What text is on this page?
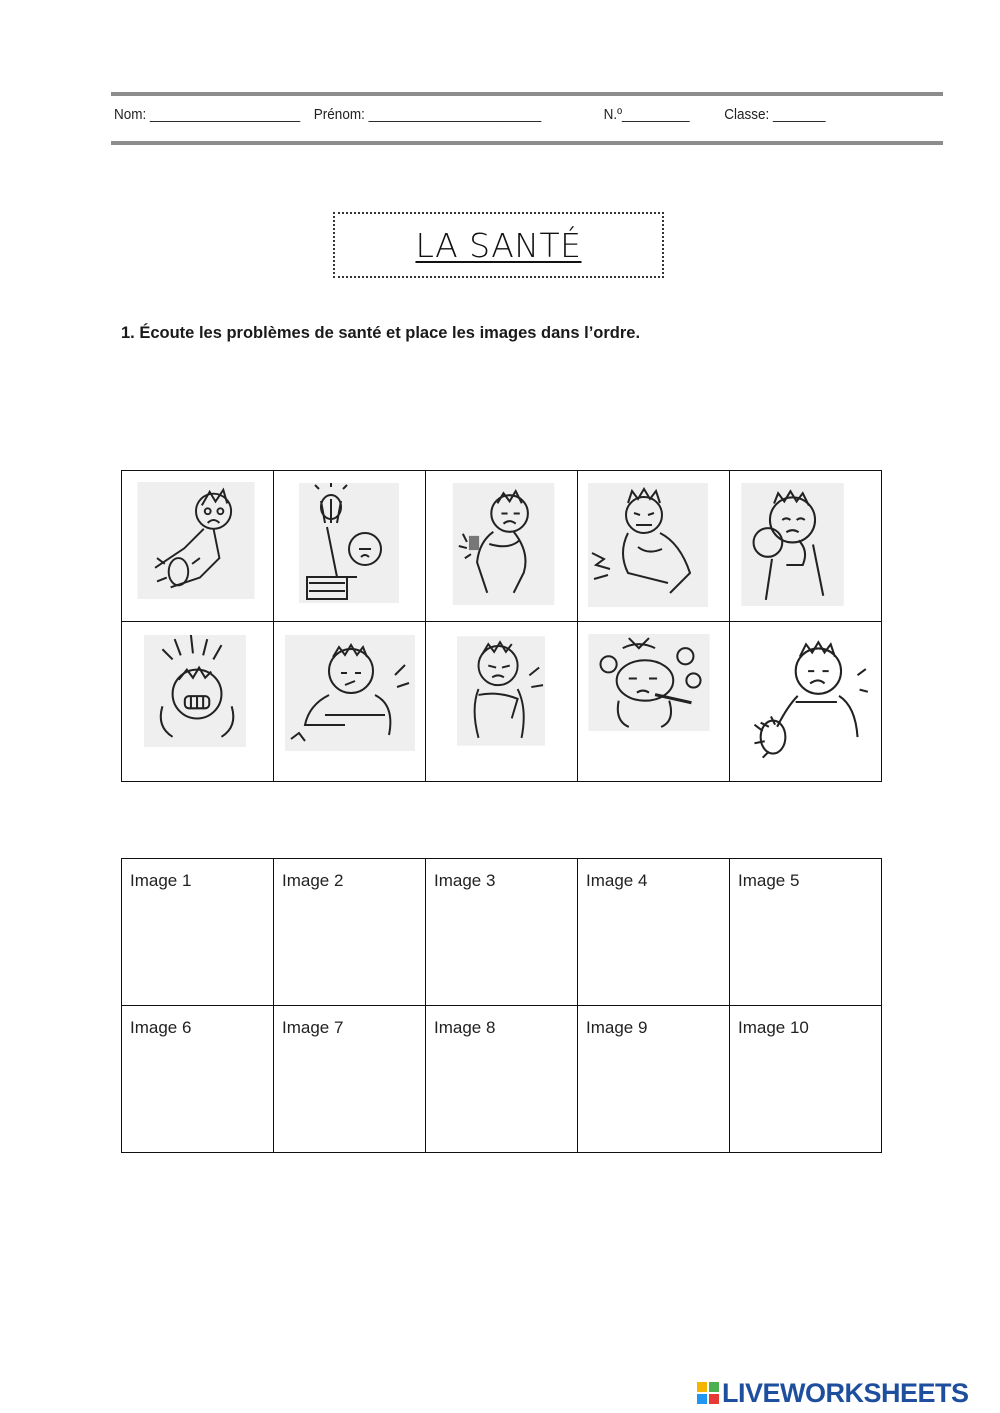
Nom: ____________________ Prénom: _______________________	N.º_________ Classe: _______
LA SANTÉ
1. Écoute les problèmes de santé et place les images dans l’ordre.

Image 1	Image 2	Image 3	Image 4	Image 5

Image 6	Image 7	Image 8	Image 9	Image 10
LIVEWORKSHEETS
